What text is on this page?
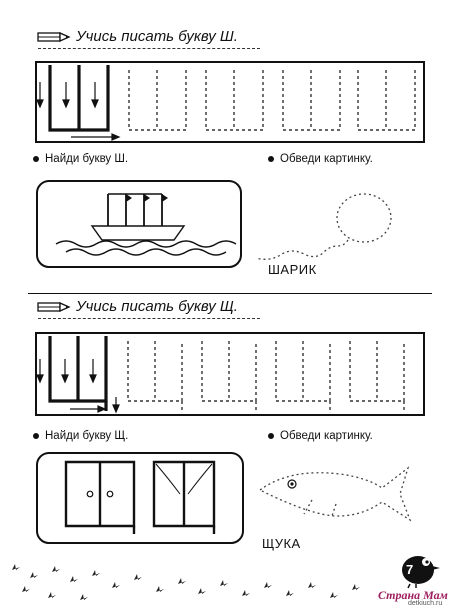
Учись писать букву Ш.
Найди букву Ш.	Обведи картинку.
ШАРИК
Учись писать букву Щ.
Найди букву Щ.	Обведи картинку.
ЩУКА
7
Страна Мам
detkiuch.ru
